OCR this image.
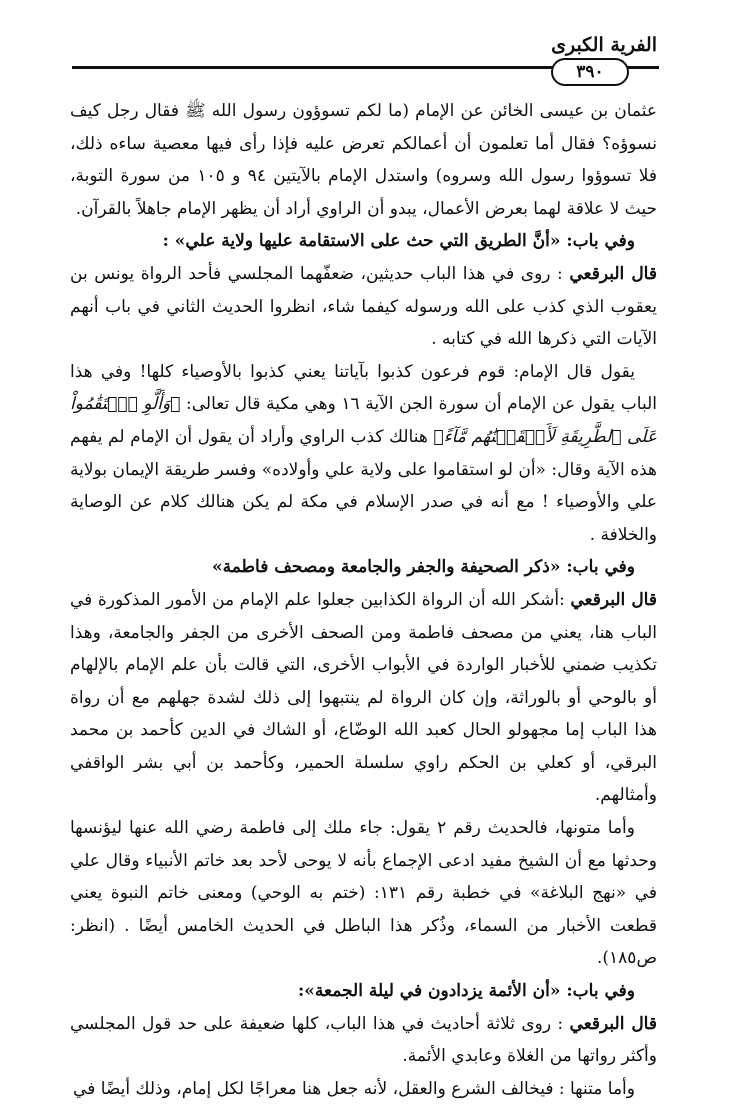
الفرية الكبرى
٣٩٠

عثمان بن عيسى الخائن عن الإمام (ما لكم تسوؤون رسول الله ﷺ فقال رجل كيف نسوؤه؟ فقال أما تعلمون أن أعمالكم تعرض عليه فإذا رأى فيها معصية ساءه ذلك، فلا تسوؤوا رسول الله وسروه) واستدل الإمام بالآيتين ٩٤ و ١٠٥ من سورة التوبة، حيث لا علاقة لهما بعرض الأعمال، يبدو أن الراوي أراد أن يظهر الإمام جاهلاً بالقرآن.

وفي باب: «أنَّ الطريق التي حث على الاستقامة عليها ولاية علي» :

قال البرقعي : روى في هذا الباب حديثين، ضعفّهما المجلسي فأحد الرواة يونس بن يعقوب الذي كذب على الله ورسوله كيفما شاء، انظروا الحديث الثاني في باب أنهم الآيات التي ذكرها الله في كتابه .

يقول قال الإمام: قوم فرعون كذبوا بآياتنا يعني كذبوا بالأوصياء كلها! وفي هذا الباب يقول عن الإمام أن سورة الجن الآية ١٦ وهي مكية قال تعالى: ﴿وَأَلَّوِ ٱسۡتَقَٰمُواْ عَلَى ٱلطَّرِيقَةِ لَأَسۡقَيۡنَٰهُم مَّآءً﴾ هنالك كذب الراوي وأراد أن يقول أن الإمام لم يفهم هذه الآية وقال: «أن لو استقاموا على ولاية علي وأولاده» وفسر طريقة الإيمان بولاية علي والأوصياء ! مع أنه في صدر الإسلام في مكة لم يكن هنالك كلام عن الوصاية والخلافة .

وفي باب: «ذكر الصحيفة والجفر والجامعة ومصحف فاطمة»

قال البرقعي :أشكر الله أن الرواة الكذابين جعلوا علم الإمام من الأمور المذكورة في الباب هنا، يعني من مصحف فاطمة ومن الصحف الأخرى من الجفر والجامعة، وهذا تكذيب ضمني للأخبار الواردة في الأبواب الأخرى، التي قالت بأن علم الإمام بالإلهام أو بالوحي أو بالوراثة، وإن كان الرواة لم ينتبهوا إلى ذلك لشدة جهلهم مع أن رواة هذا الباب إما مجهولو الحال كعبد الله الوضّاع، أو الشاك في الدين كأحمد بن محمد البرقي، أو كعلي بن الحكم راوي سلسلة الحمير، وكأحمد بن أبي بشر الواقفي وأمثالهم.

وأما متونها، فالحديث رقم ٢ يقول: جاء ملك إلى فاطمة رضي الله عنها ليؤنسها وحدثها مع أن الشيخ مفيد ادعى الإجماع بأنه لا يوحى لأحد بعد خاتم الأنبياء وقال علي في «نهج البلاغة» في خطبة رقم ١٣١: (ختم به الوحي) ومعنى خاتم النبوة يعني قطعت الأخبار من السماء، وذُكر هذا الباطل في الحديث الخامس أيضًا . (انظر: ص١٨٥).

وفي باب: «أن الأئمة يزدادون في ليلة الجمعة»:

قال البرقعي : روى ثلاثة أحاديث في هذا الباب، كلها ضعيفة على حد قول المجلسي وأكثر رواتها من الغلاة وعابدي الأئمة.

وأما متنها : فيخالف الشرع والعقل، لأنه جعل هنا معراجًا لكل إمام، وذلك أيضًا في
